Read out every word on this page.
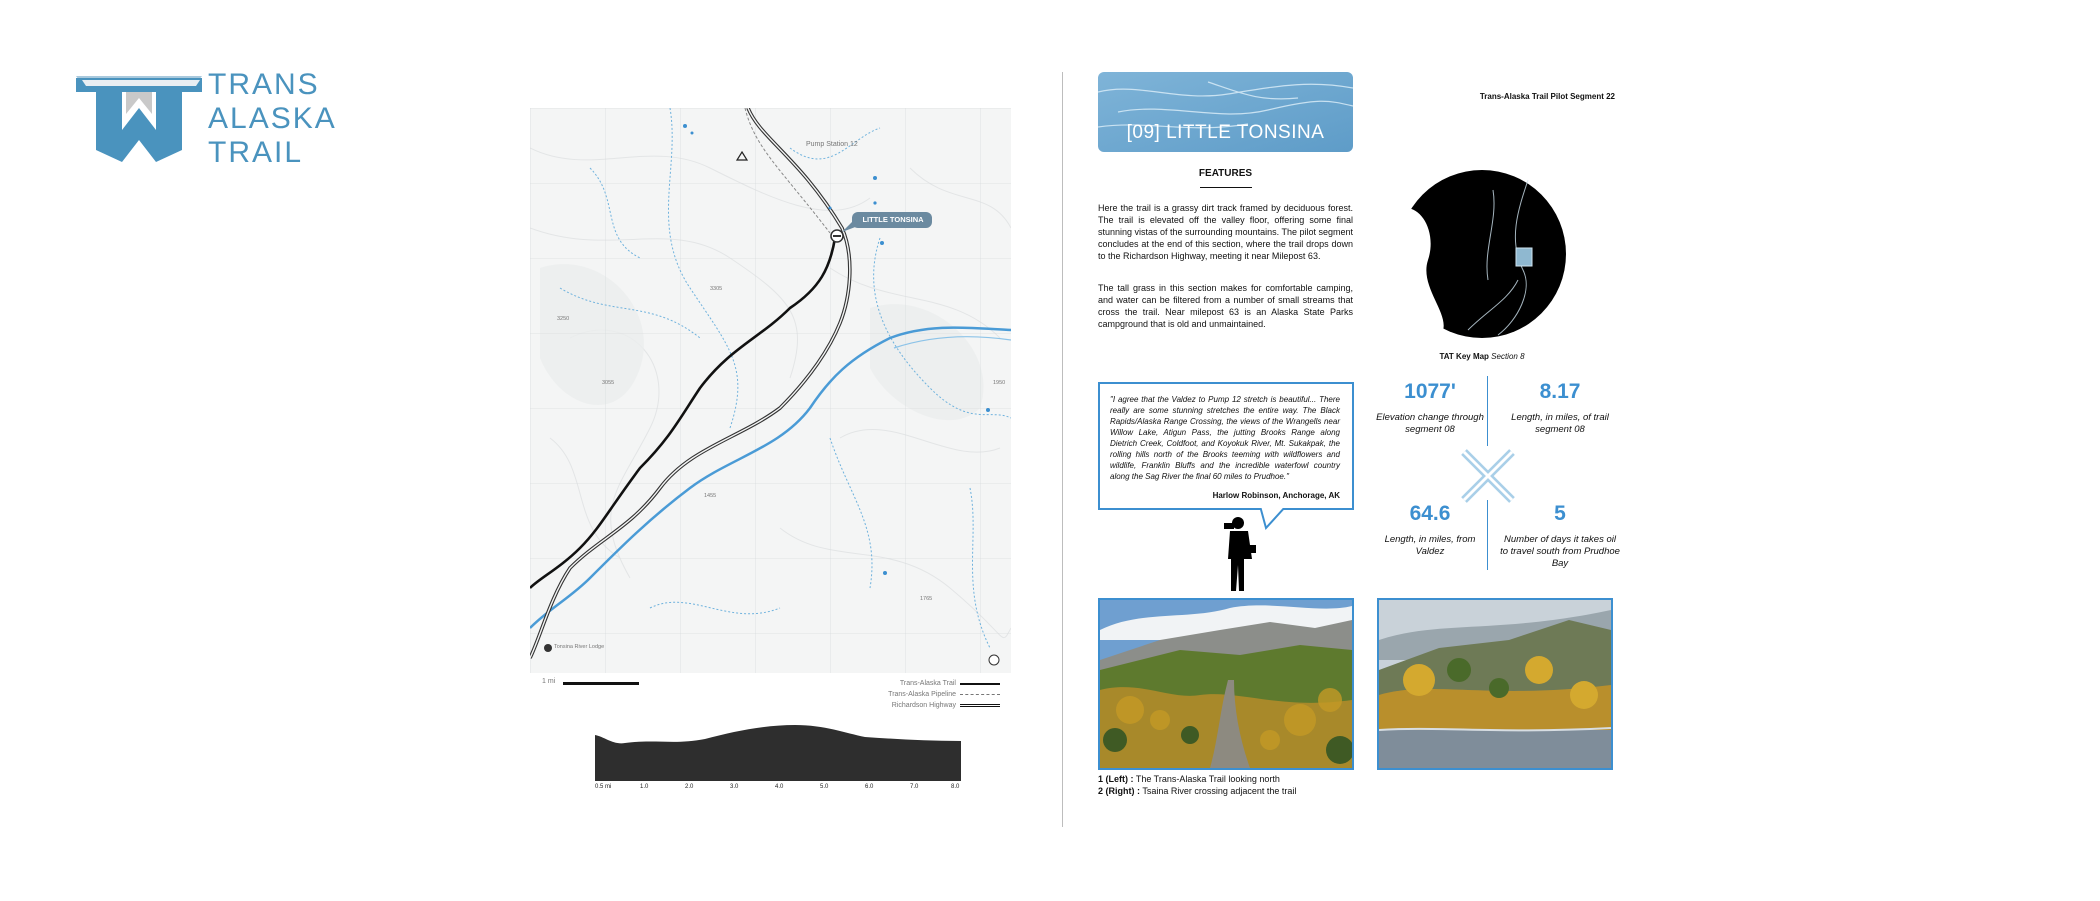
TRANS
ALASKA
TRAIL
LITTLE TONSINA
Pump Station 12
Tonsina River Lodge
3250
3305
3055	1950
1455
1765
1 mi	Trans-Alaska Trail
Trans-Alaska Pipeline
Richardson Highway
0.5 mi	1.0	2.0	3.0	4.0	5.0	6.0	7.0	8.0
[09] LITTLE TONSINA
Trans-Alaska Trail Pilot Segment 22
FEATURES
Here the trail is a grassy dirt track framed by deciduous forest. The trail is elevated off the valley floor, offering some final stunning vistas of the surrounding mountains. The pilot segment concludes at the end of this section, where the trail drops down to the Richardson Highway, meeting it near Milepost 63.
The tall grass in this section makes for comfortable camping, and water can be filtered from a number of small streams that cross the trail. Near milepost 63 is an Alaska State Parks campground that is old and unmaintained.
TAT Key Map Section 8
"I agree that the Valdez to Pump 12 stretch is beautiful... There really are some stunning stretches the entire way. The Black Rapids/Alaska Range Crossing, the views of the Wrangells near Willow Lake, Atigun Pass, the jutting Brooks Range along Dietrich Creek, Coldfoot, and Koyokuk River, Mt. Sukakpak, the rolling hills north of the Brooks teeming with wildflowers and wildlife, Franklin Bluffs and the incredible waterfowl country along the Sag River the final 60 miles to Prudhoe."
Harlow Robinson, Anchorage, AK
1077'
Elevation change through segment 08
8.17
Length, in miles, of trail segment 08
64.6
Length, in miles, from Valdez
5
Number of days it takes oil to travel south from Prudhoe Bay
1 (Left) : The Trans-Alaska Trail looking north
2 (Right) : Tsaina River crossing adjacent the trail
